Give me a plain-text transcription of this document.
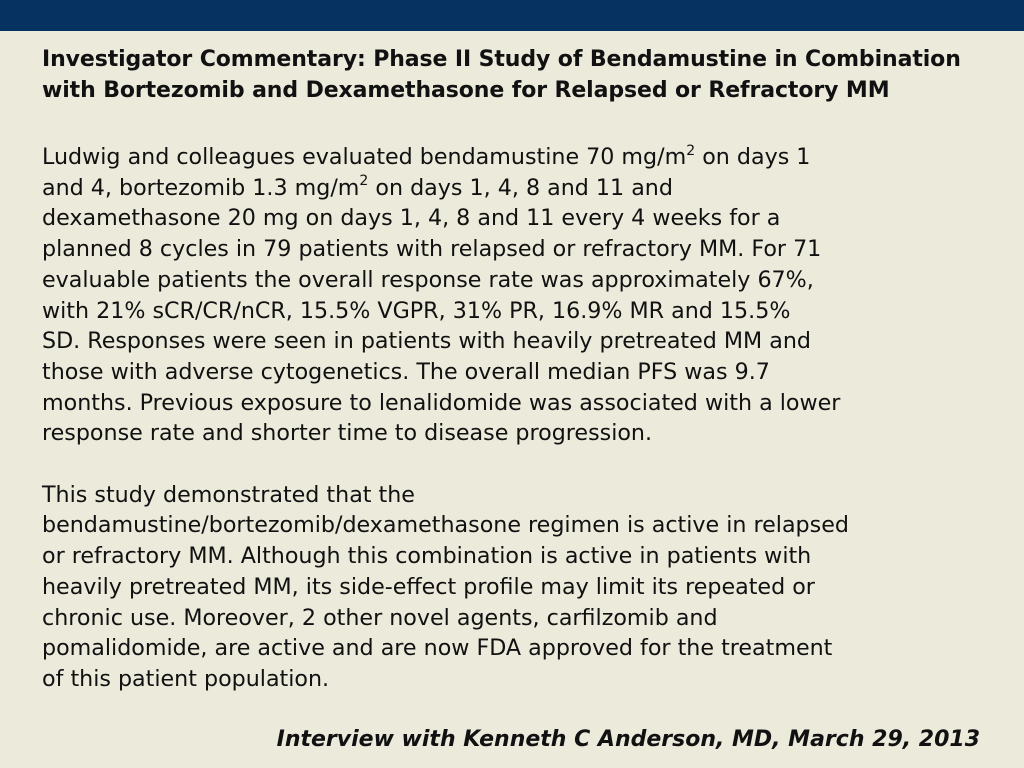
Investigator Commentary: Phase II Study of Bendamustine in Combination with Bortezomib and Dexamethasone for Relapsed or Refractory MM

Ludwig and colleagues evaluated bendamustine 70 $mg/m^2$ on days 1
and 4, bortezomib 1.3 $mg/m^2$ on days 1, 4, 8 and 11 and
dexamethasone 20 mg on days 1, 4, 8 and 11 every 4 weeks for a
planned 8 cycles in 79 patients with relapsed or refractory MM. For 71
evaluable patients the overall response rate was approximately 67%,
with 21% sCR/CR/nCR, 15.5% VGPR, 31% PR, 16.9% MR and 15.5%
SD. Responses were seen in patients with heavily pretreated MM and
those with adverse cytogenetics. The overall median PFS was 9.7
months. Previous exposure to lenalidomide was associated with a lower
response rate and shorter time to disease progression.

This study demonstrated that the
bendamustine/bortezomib/dexamethasone regimen is active in relapsed
or refractory MM. Although this combination is active in patients with
heavily pretreated MM, its side-effect profile may limit its repeated or
chronic use. Moreover, 2 other novel agents, carfilzomib and
pomalidomide, are active and are now FDA approved for the treatment
of this patient population.

Interview with Kenneth C Anderson, MD, March 29, 2013
